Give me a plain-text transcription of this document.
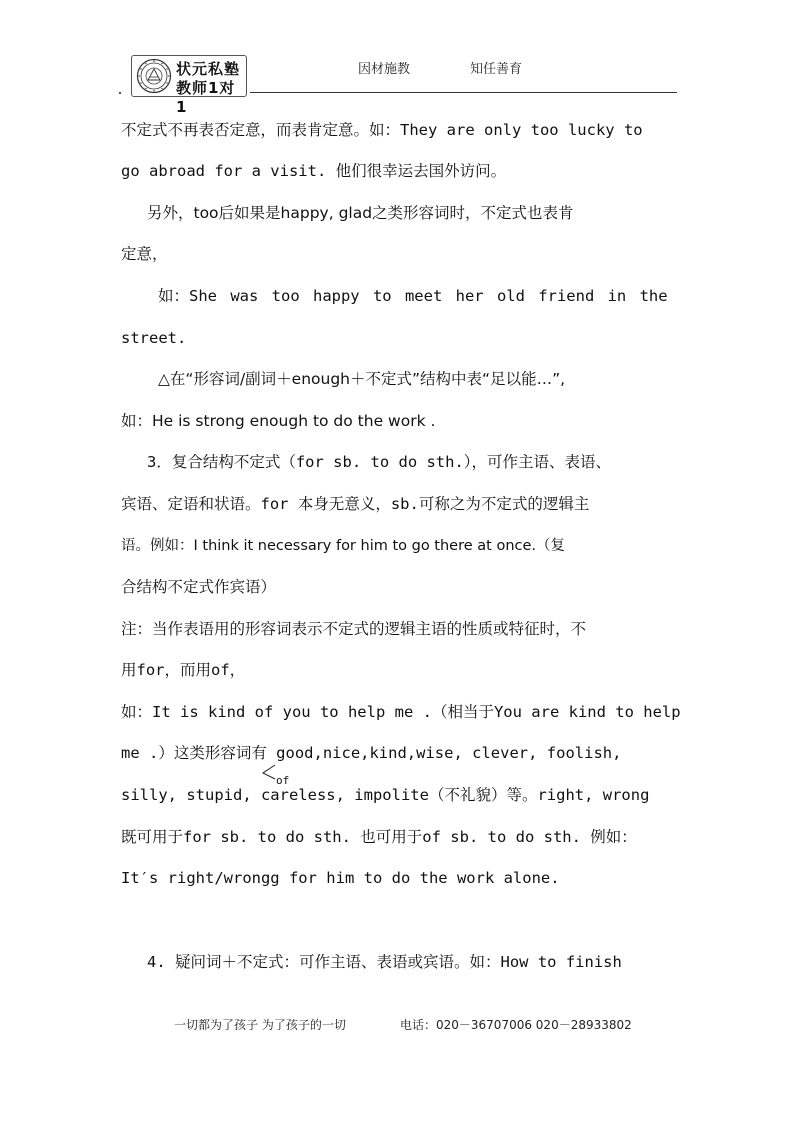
状元私塾
教师1对1
因材施教	知任善育
不定式不再表否定意，而表肯定意。如：They are only too lucky to
go abroad for a visit. 他们很幸运去国外访问。
另外，too后如果是happy, glad之类形容词时，不定式也表肯
定意，
如：She was too happy to meet her old friend in the
street.
△在“形容词/副词＋enough＋不定式”结构中表“足以能…”,
如：He is strong enough to do the work .
3．复合结构不定式（for sb. to do sth.），可作主语、表语、
宾语、定语和状语。for 本身无意义，sb.可称之为不定式的逻辑主
语。例如：I think it necessary for him to go there at once.（复
合结构不定式作宾语）
注：当作表语用的形容词表示不定式的逻辑主语的性质或特征时，不
用for，而用of，
如：It is kind of you to help me .（相当于You are kind to help
me .）这类形容词有 good,nice,kind,wise, clever, foolish,
of
silly, stupid, careless, impolite（不礼貌）等。right, wrong
既可用于for sb. to do sth. 也可用于of sb. to do sth. 例如：
It′s right/wrongg for him to do the work alone.
4. 疑问词＋不定式：可作主语、表语或宾语。如：How to finish
一切都为了孩子 为了孩子的一切	电话：020－36707006 020－28933802
